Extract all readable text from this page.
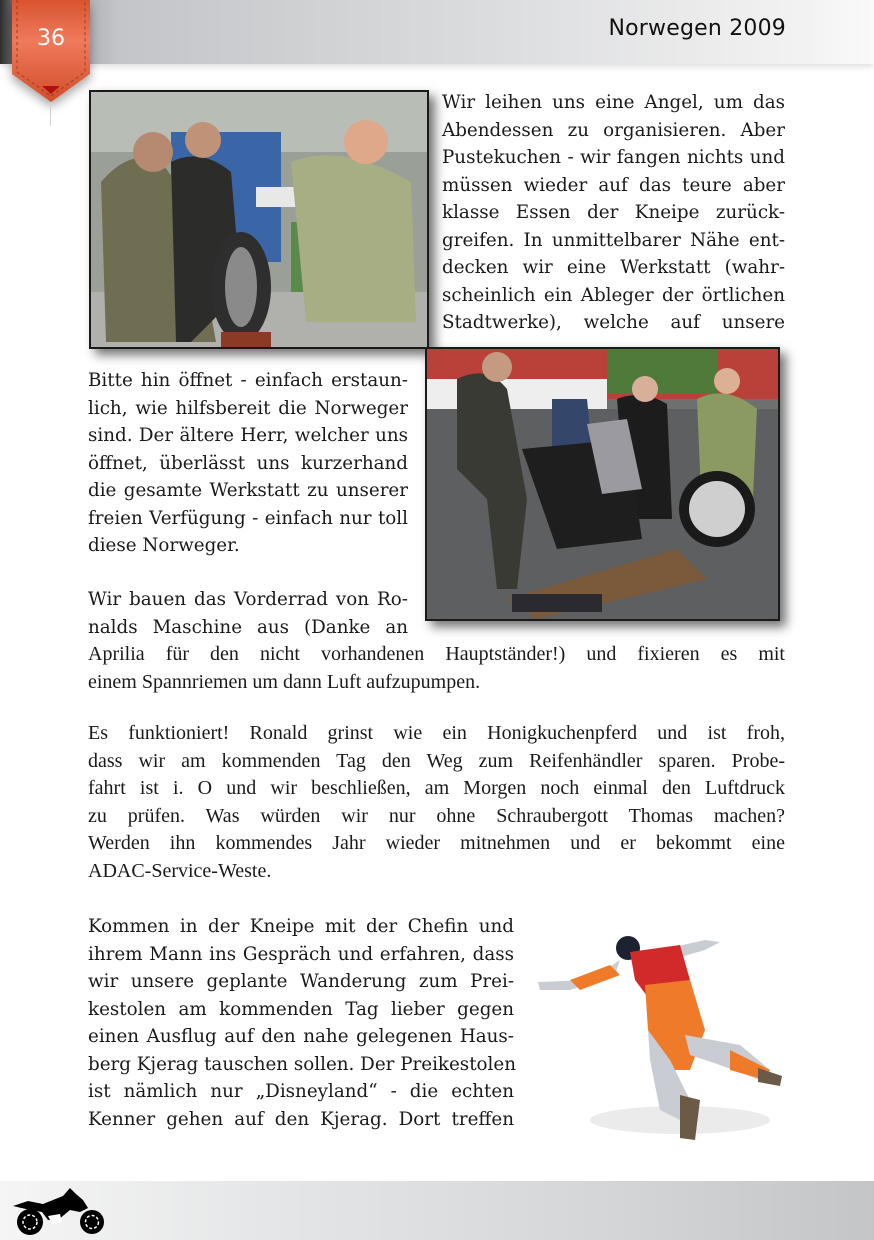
Norwegen 2009
36
Wir leihen uns eine Angel, um das
Abendessen zu organisieren. Aber
Pustekuchen - wir fangen nichts und
müssen wieder auf das teure aber
klasse Essen der Kneipe zurück-
greifen. In unmittelbarer Nähe ent-
decken wir eine Werkstatt (wahr-
scheinlich ein Ableger der örtlichen
Stadtwerke), welche auf unsere
Bitte hin öffnet - einfach erstaun-
lich, wie hilfsbereit die Norweger
sind. Der ältere Herr, welcher uns
öffnet, überlässt uns kurzerhand
die gesamte Werkstatt zu unserer
freien Verfügung - einfach nur toll
diese Norweger.
Wir bauen das Vorderrad von Ro-
nalds Maschine aus (Danke an
Aprilia für den nicht vorhandenen Hauptständer!) und fixieren es mit
einem Spannriemen um dann Luft aufzupumpen.
Es funktioniert! Ronald grinst wie ein Honigkuchenpferd und ist froh,
dass wir am kommenden Tag den Weg zum Reifenhändler sparen. Probe-
fahrt ist i. O und wir beschließen, am Morgen noch einmal den Luftdruck
zu prüfen. Was würden wir nur ohne Schraubergott Thomas machen?
Werden ihn kommendes Jahr wieder mitnehmen und er bekommt eine
ADAC-Service-Weste.
Kommen in der Kneipe mit der Chefin und
ihrem Mann ins Gespräch und erfahren, dass
wir unsere geplante Wanderung zum Prei-
kestolen am kommenden Tag lieber gegen
einen Ausflug auf den nahe gelegenen Haus-
berg Kjerag tauschen sollen. Der Preikestolen
ist nämlich nur „Disneyland“ - die echten
Kenner gehen auf den Kjerag. Dort treffen
